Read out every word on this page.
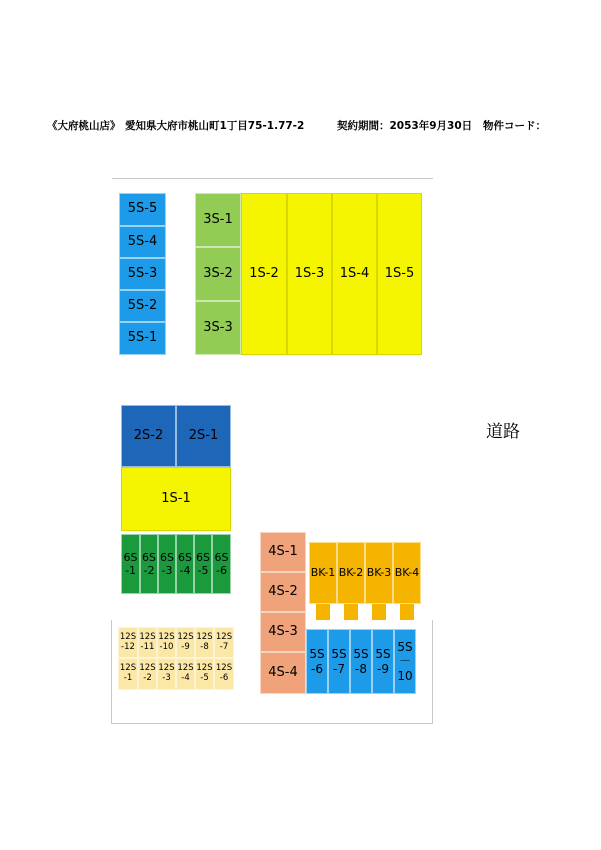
《大府桃山店》 愛知県大府市桃山町1丁目75-1.77-2	契約期間：2053年9月30日 物件コード：
5S-5
5S-4
5S-3
5S-2
5S-1
3S-1
3S-2
3S-3
1S-2 1S-3 1S-4 1S-5
2S-2 2S-1
1S-1
6S
-1
6S
-2
6S
-3
6S
-4
6S
-5
6S
-6
12S
-12
12S
-11
12S
-10
12S
-9
12S
-8
12S
-7
12S
-1
12S
-2
12S
-3
12S
-4
12S
-5
12S
-6
4S-1
4S-2
4S-3
4S-4
BK-1 BK-2 BK-3 BK-4
5S
-6
5S
-7
5S
-8
5S
-9
5S
－
10
道路
